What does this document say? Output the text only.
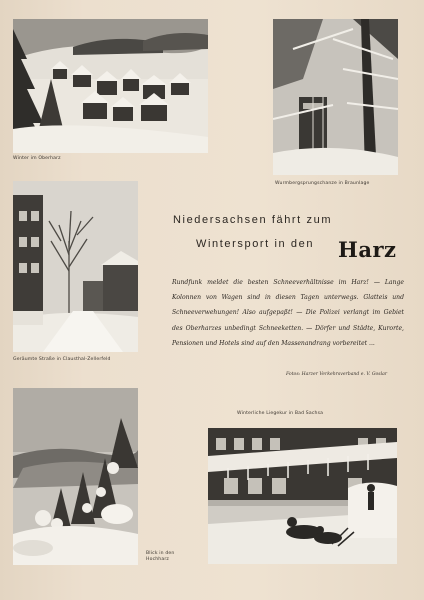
Winter im Oberharz
Wurmbergsprungschanze in Braunlage
Geräumte Straße in Clausthal-Zellerfeld
Niedersachsen fährt zum
Wintersport in den Harz
Rundfunk meldet die besten Schneeverhältnisse im Harz! — Lange Kolonnen von Wagen sind in diesen Tagen unterwegs. Glatteis und Schneeverwehungen! Also aufgepaßt! — Die Polizei verlangt im Gebiet des Oberharzes unbedingt Schneeketten. — Dörfer und Städte, Kurorte, Pensionen und Hotels sind auf den Massenandrang vorbereitet ...
Fotos: Harzer Verkehrsverband e. V. Goslar
Blick in den
Hochharz
Winterliche Liegekur in Bad Sachsa
